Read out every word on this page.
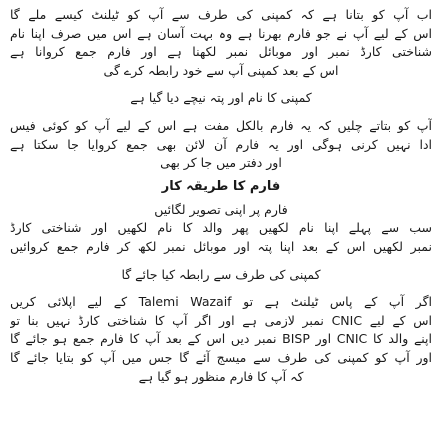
اب آپ کو بتانا ہے کہ کمپنی کی طرف سے آپ کو ٹیلنٹ کیسے ملے گا
اس کے لیے آپ نے جو فارم بھرنا ہے وہ بہت آسان ہے اس میں صرف اپنا نام
شناختی کارڈ نمبر اور موبائل نمبر لکھنا ہے اور فارم جمع کروانا ہے
اس کے بعد کمپنی آپ سے خود رابطہ کرے گی
کمپنی کا نام اور پتہ نیچے دیا گیا ہے
آپ کو بتاتے چلیں کہ یہ فارم بالکل مفت ہے اس کے لیے آپ کو کوئی فیس
ادا نہیں کرنی ہوگی اور یہ فارم آن لائن بھی جمع کروایا جا سکتا ہے
اور دفتر میں جا کر بھی
فارم کا طریقہ کار
فارم پر اپنی تصویر لگائیں
سب سے پہلے اپنا نام لکھیں پھر والد کا نام لکھیں اور شناختی کارڈ
نمبر لکھیں اس کے بعد اپنا پتہ اور موبائل نمبر لکھ کر فارم جمع کروائیں
کمپنی کی طرف سے رابطہ کیا جائے گا
اگر آپ کے پاس ٹیلنٹ ہے تو Talemi Wazaif کے لیے اپلائی کریں
اس کے لیے CNIC نمبر لازمی ہے اور اگر آپ کا شناختی کارڈ نہیں بنا تو
اپنے والد کا CNIC اور BISP نمبر دیں اس کے بعد آپ کا فارم جمع ہو جائے گا
اور آپ کو کمپنی کی طرف سے میسج آئے گا جس میں آپ کو بتایا جائے گا
کہ آپ کا فارم منظور ہو گیا ہے
